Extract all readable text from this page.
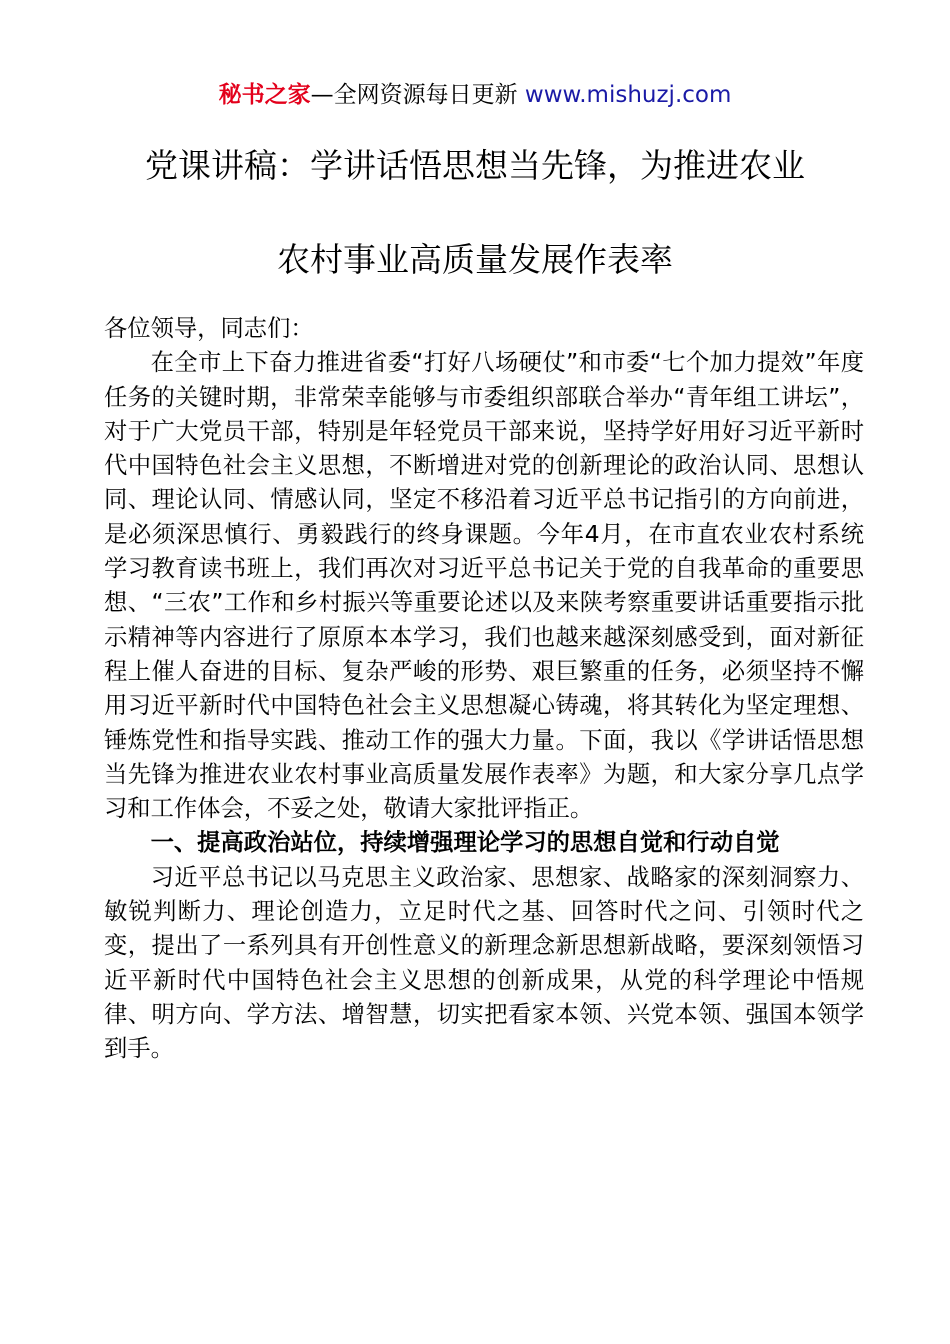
秘书之家—全网资源每日更新 www.mishuzj.com
党课讲稿：学讲话悟思想当先锋，为推进农业
农村事业高质量发展作表率

各位领导，同志们：

在全市上下奋力推进省委“打好八场硬仗”和市委“七个加力提效”年度任务的关键时期，非常荣幸能够与市委组织部联合举办“青年组工讲坛”，对于广大党员干部，特别是年轻党员干部来说，坚持学好用好习近平新时代中国特色社会主义思想，不断增进对党的创新理论的政治认同、思想认同、理论认同、情感认同，坚定不移沿着习近平总书记指引的方向前进，是必须深思慎行、勇毅践行的终身课题。今年4月，在市直农业农村系统学习教育读书班上，我们再次对习近平总书记关于党的自我革命的重要思想、“三农”工作和乡村振兴等重要论述以及来陕考察重要讲话重要指示批示精神等内容进行了原原本本学习，我们也越来越深刻感受到，面对新征程上催人奋进的目标、复杂严峻的形势、艰巨繁重的任务，必须坚持不懈用习近平新时代中国特色社会主义思想凝心铸魂，将其转化为坚定理想、锤炼党性和指导实践、推动工作的强大力量。下面，我以《学讲话悟思想当先锋为推进农业农村事业高质量发展作表率》为题，和大家分享几点学习和工作体会，不妥之处，敬请大家批评指正。

一、提高政治站位，持续增强理论学习的思想自觉和行动自觉

习近平总书记以马克思主义政治家、思想家、战略家的深刻洞察力、敏锐判断力、理论创造力，立足时代之基、回答时代之问、引领时代之变，提出了一系列具有开创性意义的新理念新思想新战略，要深刻领悟习近平新时代中国特色社会主义思想的创新成果，从党的科学理论中悟规律、明方向、学方法、增智慧，切实把看家本领、兴党本领、强国本领学到手。
